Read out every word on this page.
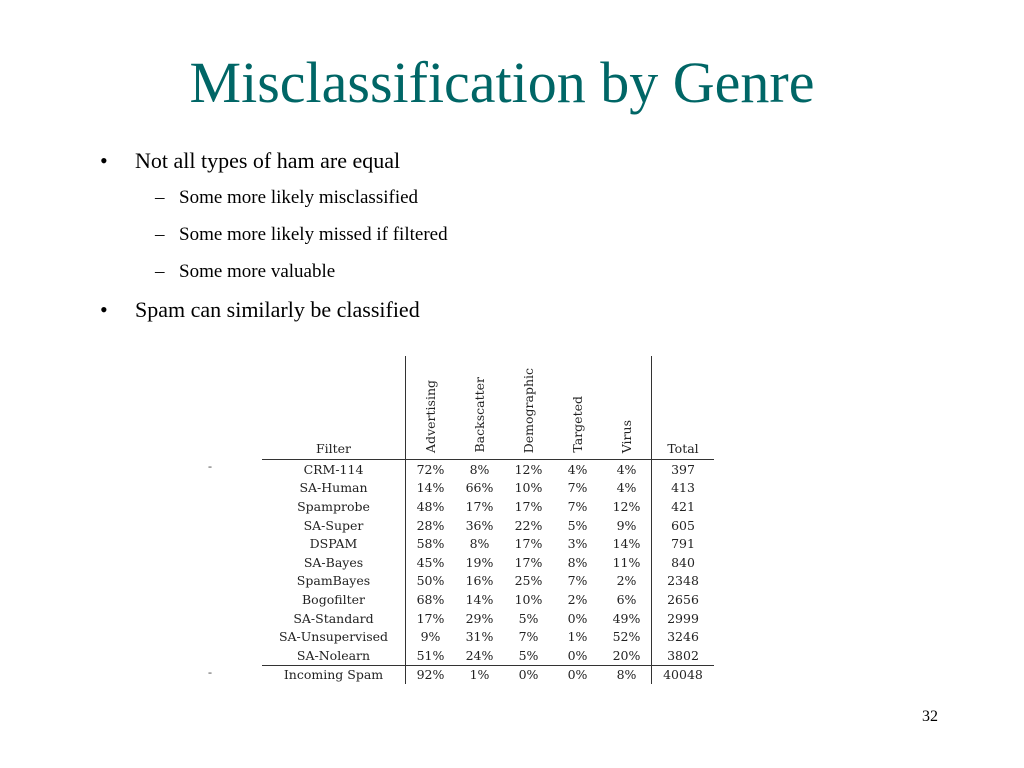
Misclassification by Genre
• Not all types of ham are equal
– Some more likely misclassified
– Some more likely missed if filtered
– Some more valuable
• Spam can similarly be classified
Filter	Advertising	Backscatter	Demographic	Targeted	Virus	Total
CRM-114	72%	8%	12%	4%	4%	397
SA-Human	14%	66%	10%	7%	4%	413
Spamprobe	48%	17%	17%	7%	12%	421
SA-Super	28%	36%	22%	5%	9%	605
DSPAM	58%	8%	17%	3%	14%	791
SA-Bayes	45%	19%	17%	8%	11%	840
SpamBayes	50%	16%	25%	7%	2%	2348
Bogofilter	68%	14%	10%	2%	6%	2656
SA-Standard	17%	29%	5%	0%	49%	2999
SA-Unsupervised	9%	31%	7%	1%	52%	3246
SA-Nolearn	51%	24%	5%	0%	20%	3802
Incoming Spam	92%	1%	0%	0%	8%	40048
-
-
32
